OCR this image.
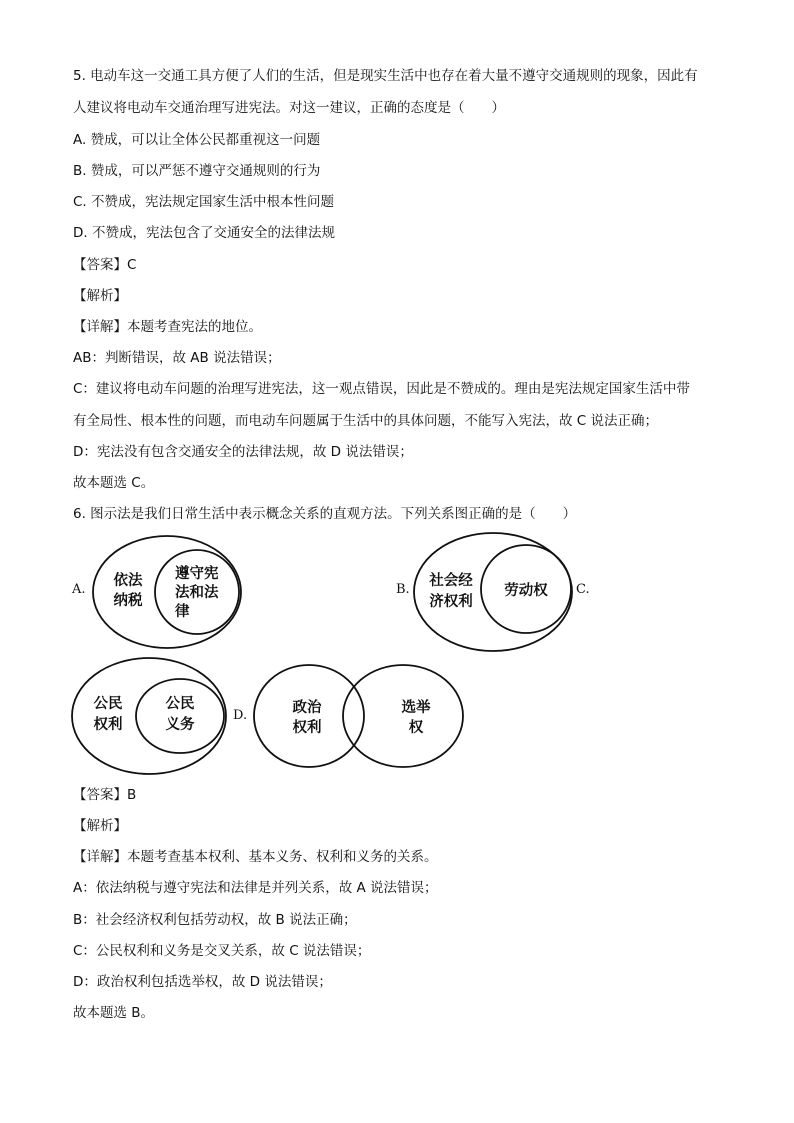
5. 电动车这一交通工具方便了人们的生活，但是现实生活中也存在着大量不遵守交通规则的现象，因此有
人建议将电动车交通治理写进宪法。对这一建议，正确的态度是（　　）
A. 赞成，可以让全体公民都重视这一问题
B. 赞成，可以严惩不遵守交通规则的行为
C. 不赞成，宪法规定国家生活中根本性问题
D. 不赞成，宪法包含了交通安全的法律法规
【答案】C
【解析】
【详解】本题考查宪法的地位。
AB：判断错误，故 AB 说法错误；
C：建议将电动车问题的治理写进宪法，这一观点错误，因此是不赞成的。理由是宪法规定国家生活中带
有全局性、根本性的问题，而电动车问题属于生活中的具体问题，不能写入宪法，故 C 说法正确；
D：宪法没有包含交通安全的法律法规，故 D 说法错误；
故本题选 C。
6. 图示法是我们日常生活中表示概念关系的直观方法。下列关系图正确的是（　　）
A.	B.	C.
D.
依法
纳税
遵守宪
法和法
律
社会经
济权利
劳动权
公民
权利
公民
义务
政治
权利
选举
权
【答案】B
【解析】
【详解】本题考查基本权利、基本义务、权利和义务的关系。
A：依法纳税与遵守宪法和法律是并列关系，故 A 说法错误；
B：社会经济权利包括劳动权，故 B 说法正确；
C：公民权利和义务是交叉关系，故 C 说法错误；
D：政治权利包括选举权，故 D 说法错误；
故本题选 B。
